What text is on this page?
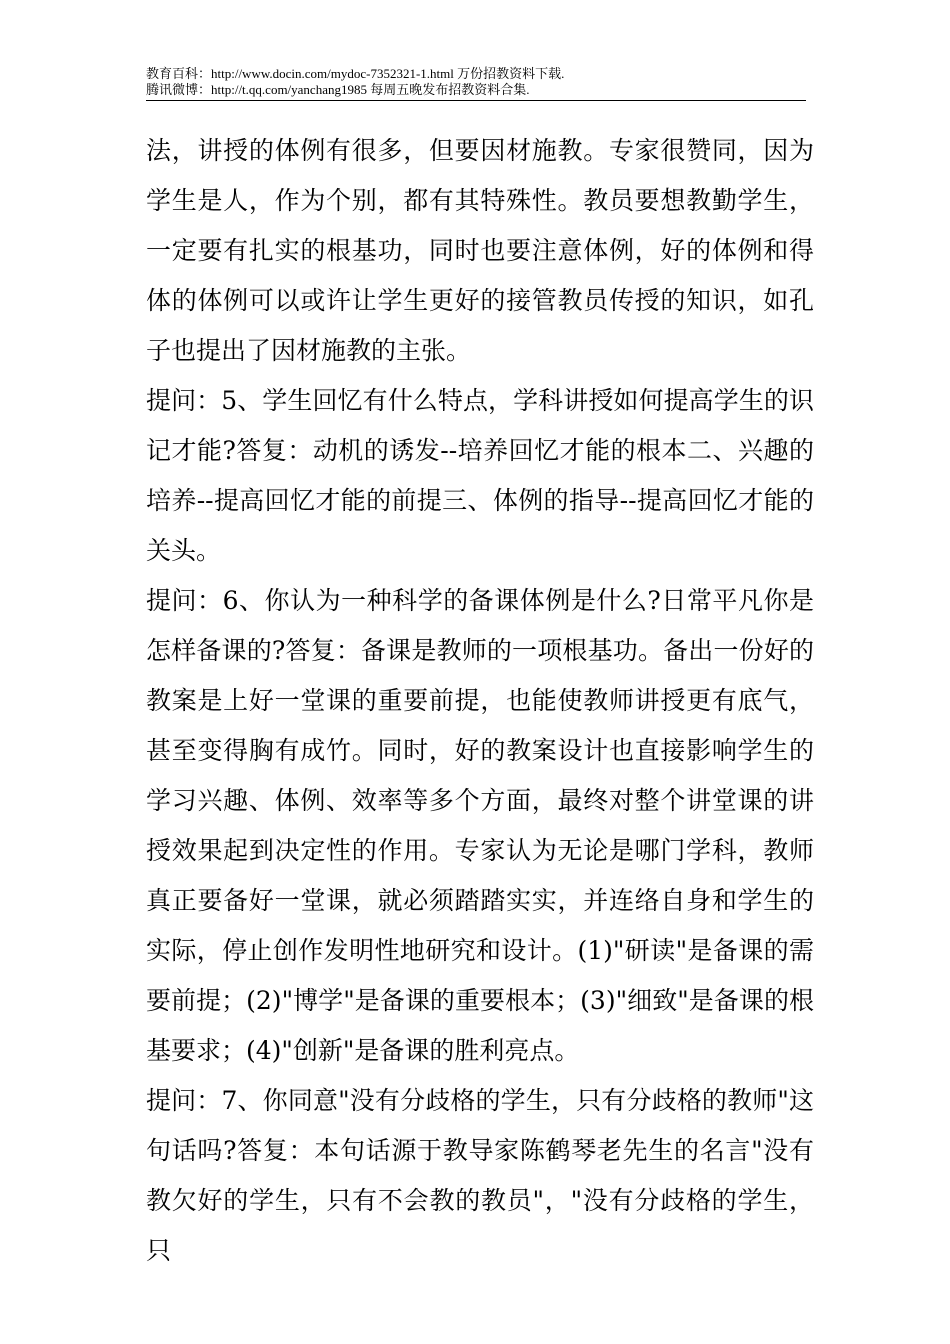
教育百科：http://www.docin.com/mydoc-7352321-1.html 万份招教资料下载.
腾讯微博：http://t.qq.com/yanchang1985 每周五晚发布招教资料合集.

法，讲授的体例有很多，但要因材施教。专家很赞同，因为学生是人，作为个别，都有其特殊性。教员要想教勤学生，一定要有扎实的根基功，同时也要注意体例，好的体例和得体的体例可以或许让学生更好的接管教员传授的知识，如孔子也提出了因材施教的主张。

提问：5、学生回忆有什么特点，学科讲授如何提高学生的识记才能?答复：动机的诱发--培养回忆才能的根本二、兴趣的培养--提高回忆才能的前提三、体例的指导--提高回忆才能的关头。

提问：6、你认为一种科学的备课体例是什么?日常平凡你是怎样备课的?答复：备课是教师的一项根基功。备出一份好的教案是上好一堂课的重要前提，也能使教师讲授更有底气，甚至变得胸有成竹。同时，好的教案设计也直接影响学生的学习兴趣、体例、效率等多个方面，最终对整个讲堂课的讲授效果起到决定性的作用。专家认为无论是哪门学科，教师真正要备好一堂课，就必须踏踏实实，并连络自身和学生的实际，停止创作发明性地研究和设计。(1)"研读"是备课的需要前提；(2)"博学"是备课的重要根本；(3)"细致"是备课的根基要求；(4)"创新"是备课的胜利亮点。

提问：7、你同意"没有分歧格的学生，只有分歧格的教师"这句话吗?答复：本句话源于教导家陈鹤琴老先生的名言"没有教欠好的学生，只有不会教的教员"，"没有分歧格的学生，只
